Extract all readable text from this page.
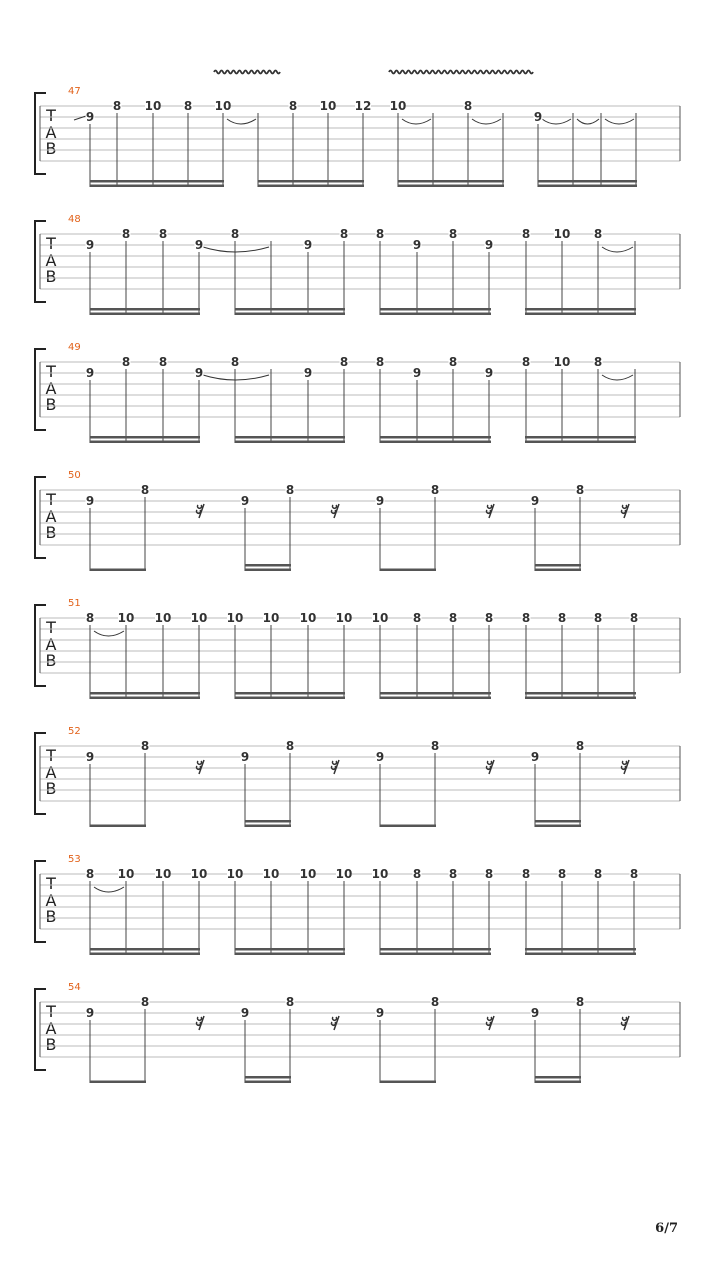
47
T
A
B
9
8 10 8 10	8 10 12 10	8
9
48
T
A
B
9
8 8
9
8
9
8 8
9
8
9
8 10 8
49
T
A
B
9
8 8
9
8
9
8 8
9
8
9
8 10 8
50
T
A
B
9
8
9
8
9
8
9
8
51
T
A
B
8 10 10 10 10 10 10 10 10 8 8 8 8 8 8 8
52
T
A
B
9
8
9
8
9
8
9
8
53
T
A
B
8 10 10 10 10 10 10 10 10 8 8 8 8 8 8 8
54
T
A
B
9
8
9
8
9
8
9
8
6/7
